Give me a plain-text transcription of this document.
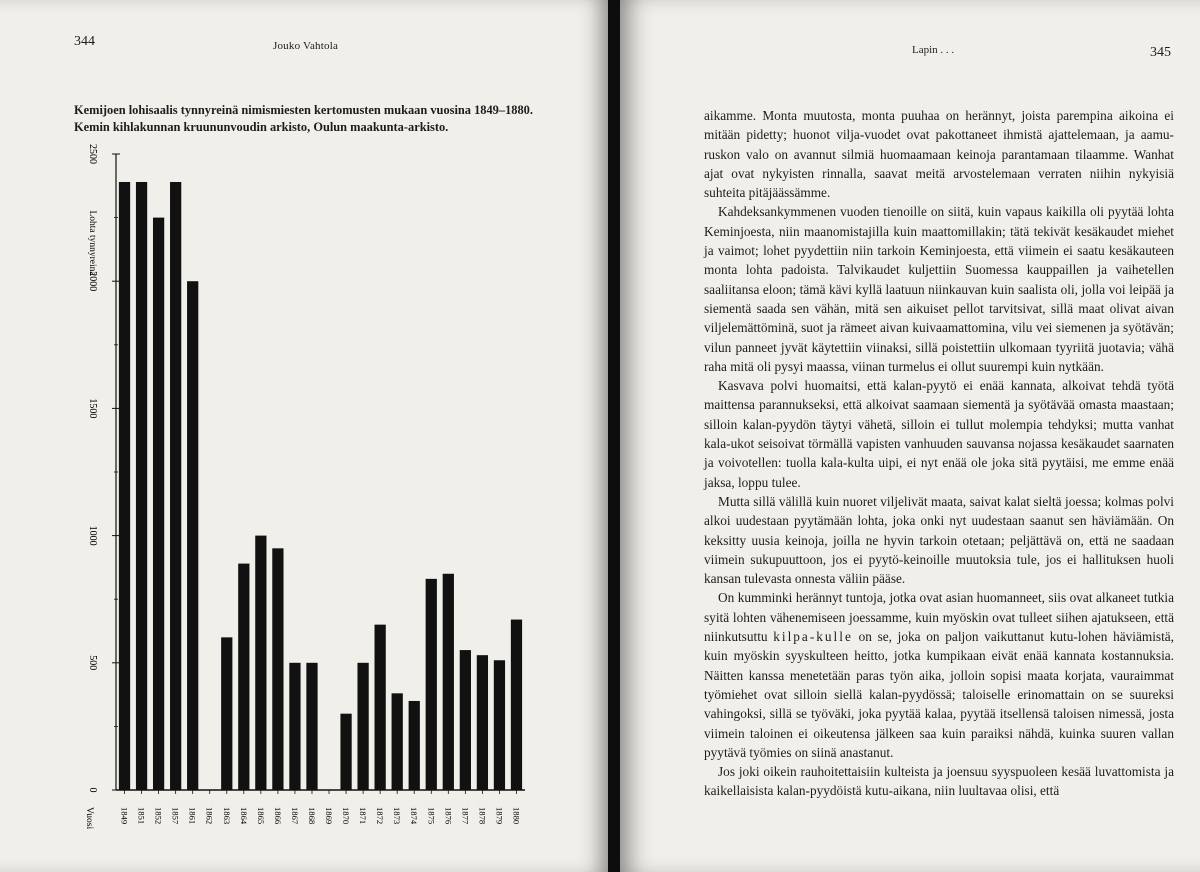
344	Jouko Vahtola
Kemijoen lohisaalis tynnyreinä nimismiesten kertomusten mukaan vuosina 1849–1880.
Kemin kihlakunnan kruununvoudin arkisto, Oulun maakunta-arkisto.
0
500
1000
1500
2000
2500
Lohta tynnyreinä
1849 1851 1852 1857 1861 1862 1863 1864 1865 1866 1867 1868 1869 1870 1871 1872 1873 1874 1875 1876 1877 1878 1879 1880
Vuosi
Lapin . . .	345

aikamme. Monta muutosta, monta puuhaa on herännyt, joista parempina aikoina ei mitään pidetty; huonot vilja-vuodet ovat pakottaneet ihmistä ajattelemaan, ja aamu-ruskon valo on avannut silmiä huomaamaan keinoja parantamaan tilaamme. Wanhat ajat ovat nykyisten rinnalla, saavat meitä arvostelemaan verraten niihin nykyisiä suhteita pitäjäässämme.

Kahdeksankymmenen vuoden tienoille on siitä, kuin vapaus kaikilla oli pyytää lohta Keminjoesta, niin maanomistajilla kuin maattomillakin; tätä tekivät kesäkaudet miehet ja vaimot; lohet pyydettiin niin tarkoin Keminjoesta, että viimein ei saatu kesäkauteen monta lohta padoista. Talvikaudet kuljettiin Suomessa kauppaillen ja vaihetellen saaliitansa eloon; tämä kävi kyllä laatuun niinkauvan kuin saalista oli, jolla voi leipää ja siementä saada sen vähän, mitä sen aikuiset pellot tarvitsivat, sillä maat olivat aivan viljelemättöminä, suot ja rämeet aivan kuivaamattomina, vilu vei siemenen ja syötävän; vilun panneet jyvät käytettiin viinaksi, sillä poistettiin ulkomaan tyyriitä juotavia; vähä raha mitä oli pysyi maassa, viinan turmelus ei ollut suurempi kuin nytkään.

Kasvava polvi huomaitsi, että kalan-pyytö ei enää kannata, alkoivat tehdä työtä maittensa parannukseksi, että alkoivat saamaan siementä ja syötävää omasta maastaan; silloin kalan-pyydön täytyi vähetä, silloin ei tullut molempia tehdyksi; mutta vanhat kala-ukot seisoivat törmällä vapisten vanhuuden sauvansa nojassa kesäkaudet saarnaten ja voivotellen: tuolla kala-kulta uipi, ei nyt enää ole joka sitä pyytäisi, me emme enää jaksa, loppu tulee.

Mutta sillä välillä kuin nuoret viljelivät maata, saivat kalat sieltä joessa; kolmas polvi alkoi uudestaan pyytämään lohta, joka onki nyt uudestaan saanut sen häviämään. On keksitty uusia keinoja, joilla ne hyvin tarkoin otetaan; peljättävä on, että ne saadaan viimein sukupuuttoon, jos ei pyytö-keinoille muutoksia tule, jos ei hallituksen huoli kansan tulevasta onnesta väliin pääse.

On kumminki herännyt tuntoja, jotka ovat asian huomanneet, siis ovat alkaneet tutkia syitä lohten vähenemiseen joessamme, kuin myöskin ovat tulleet siihen ajatukseen, että niinkutsuttu kilpa-kulle on se, joka on paljon vaikuttanut kutu-lohen häviämistä, kuin myöskin syyskulteen heitto, jotka kumpikaan eivät enää kannata kostannuksia. Näitten kanssa menetetään paras työn aika, jolloin sopisi maata korjata, vauraimmat työmiehet ovat silloin siellä kalan-pyydössä; taloiselle erinomattain on se suureksi vahingoksi, sillä se työväki, joka pyytää kalaa, pyytää itsellensä taloisen nimessä, josta viimein taloinen ei oikeutensa jälkeen saa kuin paraiksi nähdä, kuinka suuren vallan pyytävä työmies on siinä anastanut.

Jos joki oikein rauhoitettaisiin kulteista ja joensuu syyspuoleen kesää luvattomista ja kaikellaisista kalan-pyydöistä kutu-aikana, niin luultavaa olisi, että
